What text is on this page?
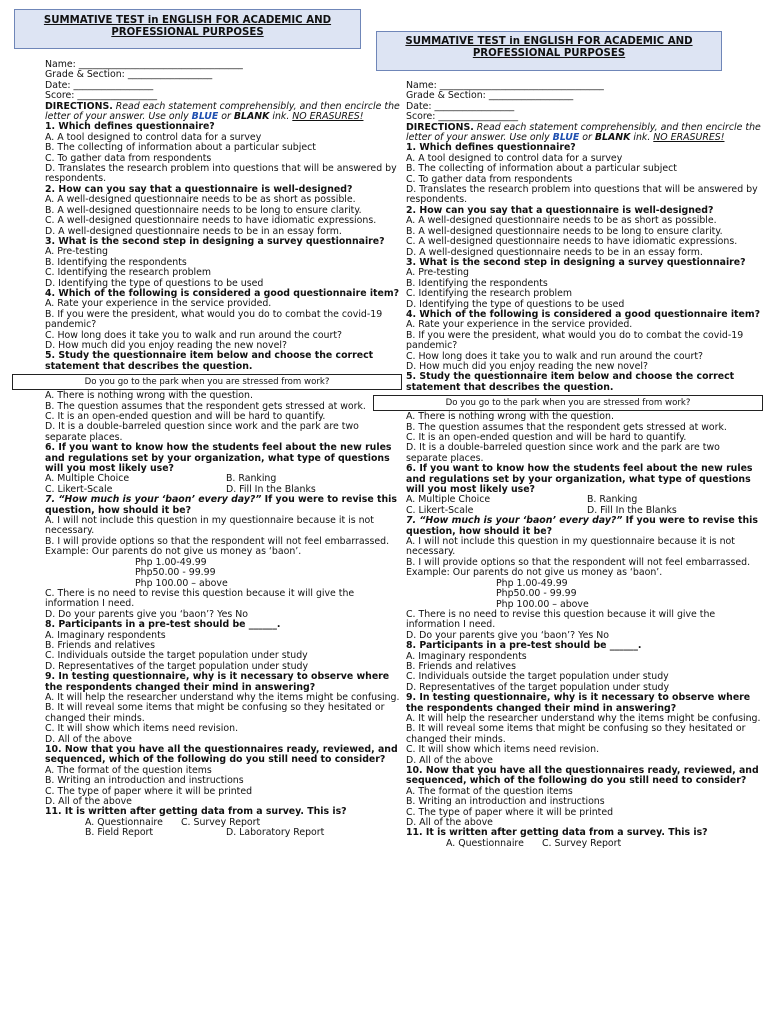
SUMMATIVE TEST in ENGLISH FOR ACADEMIC AND PROFESSIONAL PURPOSES
Name: ___________________________________
Grade & Section: __________________
Date: _________________
Score: _________________
DIRECTIONS. Read each statement comprehensibly, and then encircle the letter of your answer. Use only BLUE or BLANK ink. NO ERASURES!
1. Which defines questionnaire?
A. A tool designed to control data for a survey
B. The collecting of information about a particular subject
C. To gather data from respondents
D. Translates the research problem into questions that will be answered by respondents.
2. How can you say that a questionnaire is well-designed?
A. A well-designed questionnaire needs to be as short as possible.
B. A well-designed questionnaire needs to be long to ensure clarity.
C. A well-designed questionnaire needs to have idiomatic expressions.
D. A well-designed questionnaire needs to be in an essay form.
3. What is the second step in designing a survey questionnaire?
A. Pre-testing
B. Identifying the respondents
C. Identifying the research problem
D. Identifying the type of questions to be used
4. Which of the following is considered a good questionnaire item?
A. Rate your experience in the service provided.
B. If you were the president, what would you do to combat the covid-19 pandemic?
C. How long does it take you to walk and run around the court?
D. How much did you enjoy reading the new novel?
5. Study the questionnaire item below and choose the correct statement that describes the question.
Do you go to the park when you are stressed from work?
A. There is nothing wrong with the question.
B. The question assumes that the respondent gets stressed at work.
C. It is an open-ended question and will be hard to quantify.
D. It is a double-barreled question since work and the park are two separate places.
6. If you want to know how the students feel about the new rules and regulations set by your organization, what type of questions will you most likely use?
A. Multiple Choice	B. Ranking
C. Likert-Scale	D. Fill In the Blanks
7. “How much is your ‘baon’ every day?” If you were to revise this question, how should it be?
A. I will not include this question in my questionnaire because it is not necessary.
B. I will provide options so that the respondent will not feel embarrassed.
Example: Our parents do not give us money as ‘baon’.
Php 1.00-49.99
Php50.00 - 99.99
Php 100.00 – above
C. There is no need to revise this question because it will give the information I need.
D. Do your parents give you ‘baon’? Yes No
8. Participants in a pre-test should be ______.
A. Imaginary respondents
B. Friends and relatives
C. Individuals outside the target population under study
D. Representatives of the target population under study
9. In testing questionnaire, why is it necessary to observe where the respondents changed their mind in answering?
A. It will help the researcher understand why the items might be confusing.
B. It will reveal some items that might be confusing so they hesitated or changed their minds.
C. It will show which items need revision.
D. All of the above
10. Now that you have all the questionnaires ready, reviewed, and sequenced, which of the following do you still need to consider?
A. The format of the question items
B. Writing an introduction and instructions
C. The type of paper where it will be printed
D. All of the above
11. It is written after getting data from a survey. This is?
A. Questionnaire	C. Survey Report
B. Field Report	D. Laboratory Report
SUMMATIVE TEST in ENGLISH FOR ACADEMIC AND PROFESSIONAL PURPOSES
Name: ___________________________________
Grade & Section: __________________
Date: _________________
Score: _________________
DIRECTIONS. Read each statement comprehensibly, and then encircle the letter of your answer. Use only BLUE or BLANK ink. NO ERASURES!
1. Which defines questionnaire?
A. A tool designed to control data for a survey
B. The collecting of information about a particular subject
C. To gather data from respondents
D. Translates the research problem into questions that will be answered by respondents.
2. How can you say that a questionnaire is well-designed?
A. A well-designed questionnaire needs to be as short as possible.
B. A well-designed questionnaire needs to be long to ensure clarity.
C. A well-designed questionnaire needs to have idiomatic expressions.
D. A well-designed questionnaire needs to be in an essay form.
3. What is the second step in designing a survey questionnaire?
A. Pre-testing
B. Identifying the respondents
C. Identifying the research problem
D. Identifying the type of questions to be used
4. Which of the following is considered a good questionnaire item?
A. Rate your experience in the service provided.
B. If you were the president, what would you do to combat the covid-19 pandemic?
C. How long does it take you to walk and run around the court?
D. How much did you enjoy reading the new novel?
5. Study the questionnaire item below and choose the correct statement that describes the question.
Do you go to the park when you are stressed from work?
A. There is nothing wrong with the question.
B. The question assumes that the respondent gets stressed at work.
C. It is an open-ended question and will be hard to quantify.
D. It is a double-barreled question since work and the park are two separate places.
6. If you want to know how the students feel about the new rules and regulations set by your organization, what type of questions will you most likely use?
A. Multiple Choice	B. Ranking
C. Likert-Scale	D. Fill In the Blanks
7. “How much is your ‘baon’ every day?” If you were to revise this question, how should it be?
A. I will not include this question in my questionnaire because it is not necessary.
B. I will provide options so that the respondent will not feel embarrassed.
Example: Our parents do not give us money as ‘baon’.
Php 1.00-49.99
Php50.00 - 99.99
Php 100.00 – above
C. There is no need to revise this question because it will give the information I need.
D. Do your parents give you ‘baon’? Yes No
8. Participants in a pre-test should be ______.
A. Imaginary respondents
B. Friends and relatives
C. Individuals outside the target population under study
D. Representatives of the target population under study
9. In testing questionnaire, why is it necessary to observe where the respondents changed their mind in answering?
A. It will help the researcher understand why the items might be confusing.
B. It will reveal some items that might be confusing so they hesitated or changed their minds.
C. It will show which items need revision.
D. All of the above
10. Now that you have all the questionnaires ready, reviewed, and sequenced, which of the following do you still need to consider?
A. The format of the question items
B. Writing an introduction and instructions
C. The type of paper where it will be printed
D. All of the above
11. It is written after getting data from a survey. This is?
A. Questionnaire	C. Survey Report
